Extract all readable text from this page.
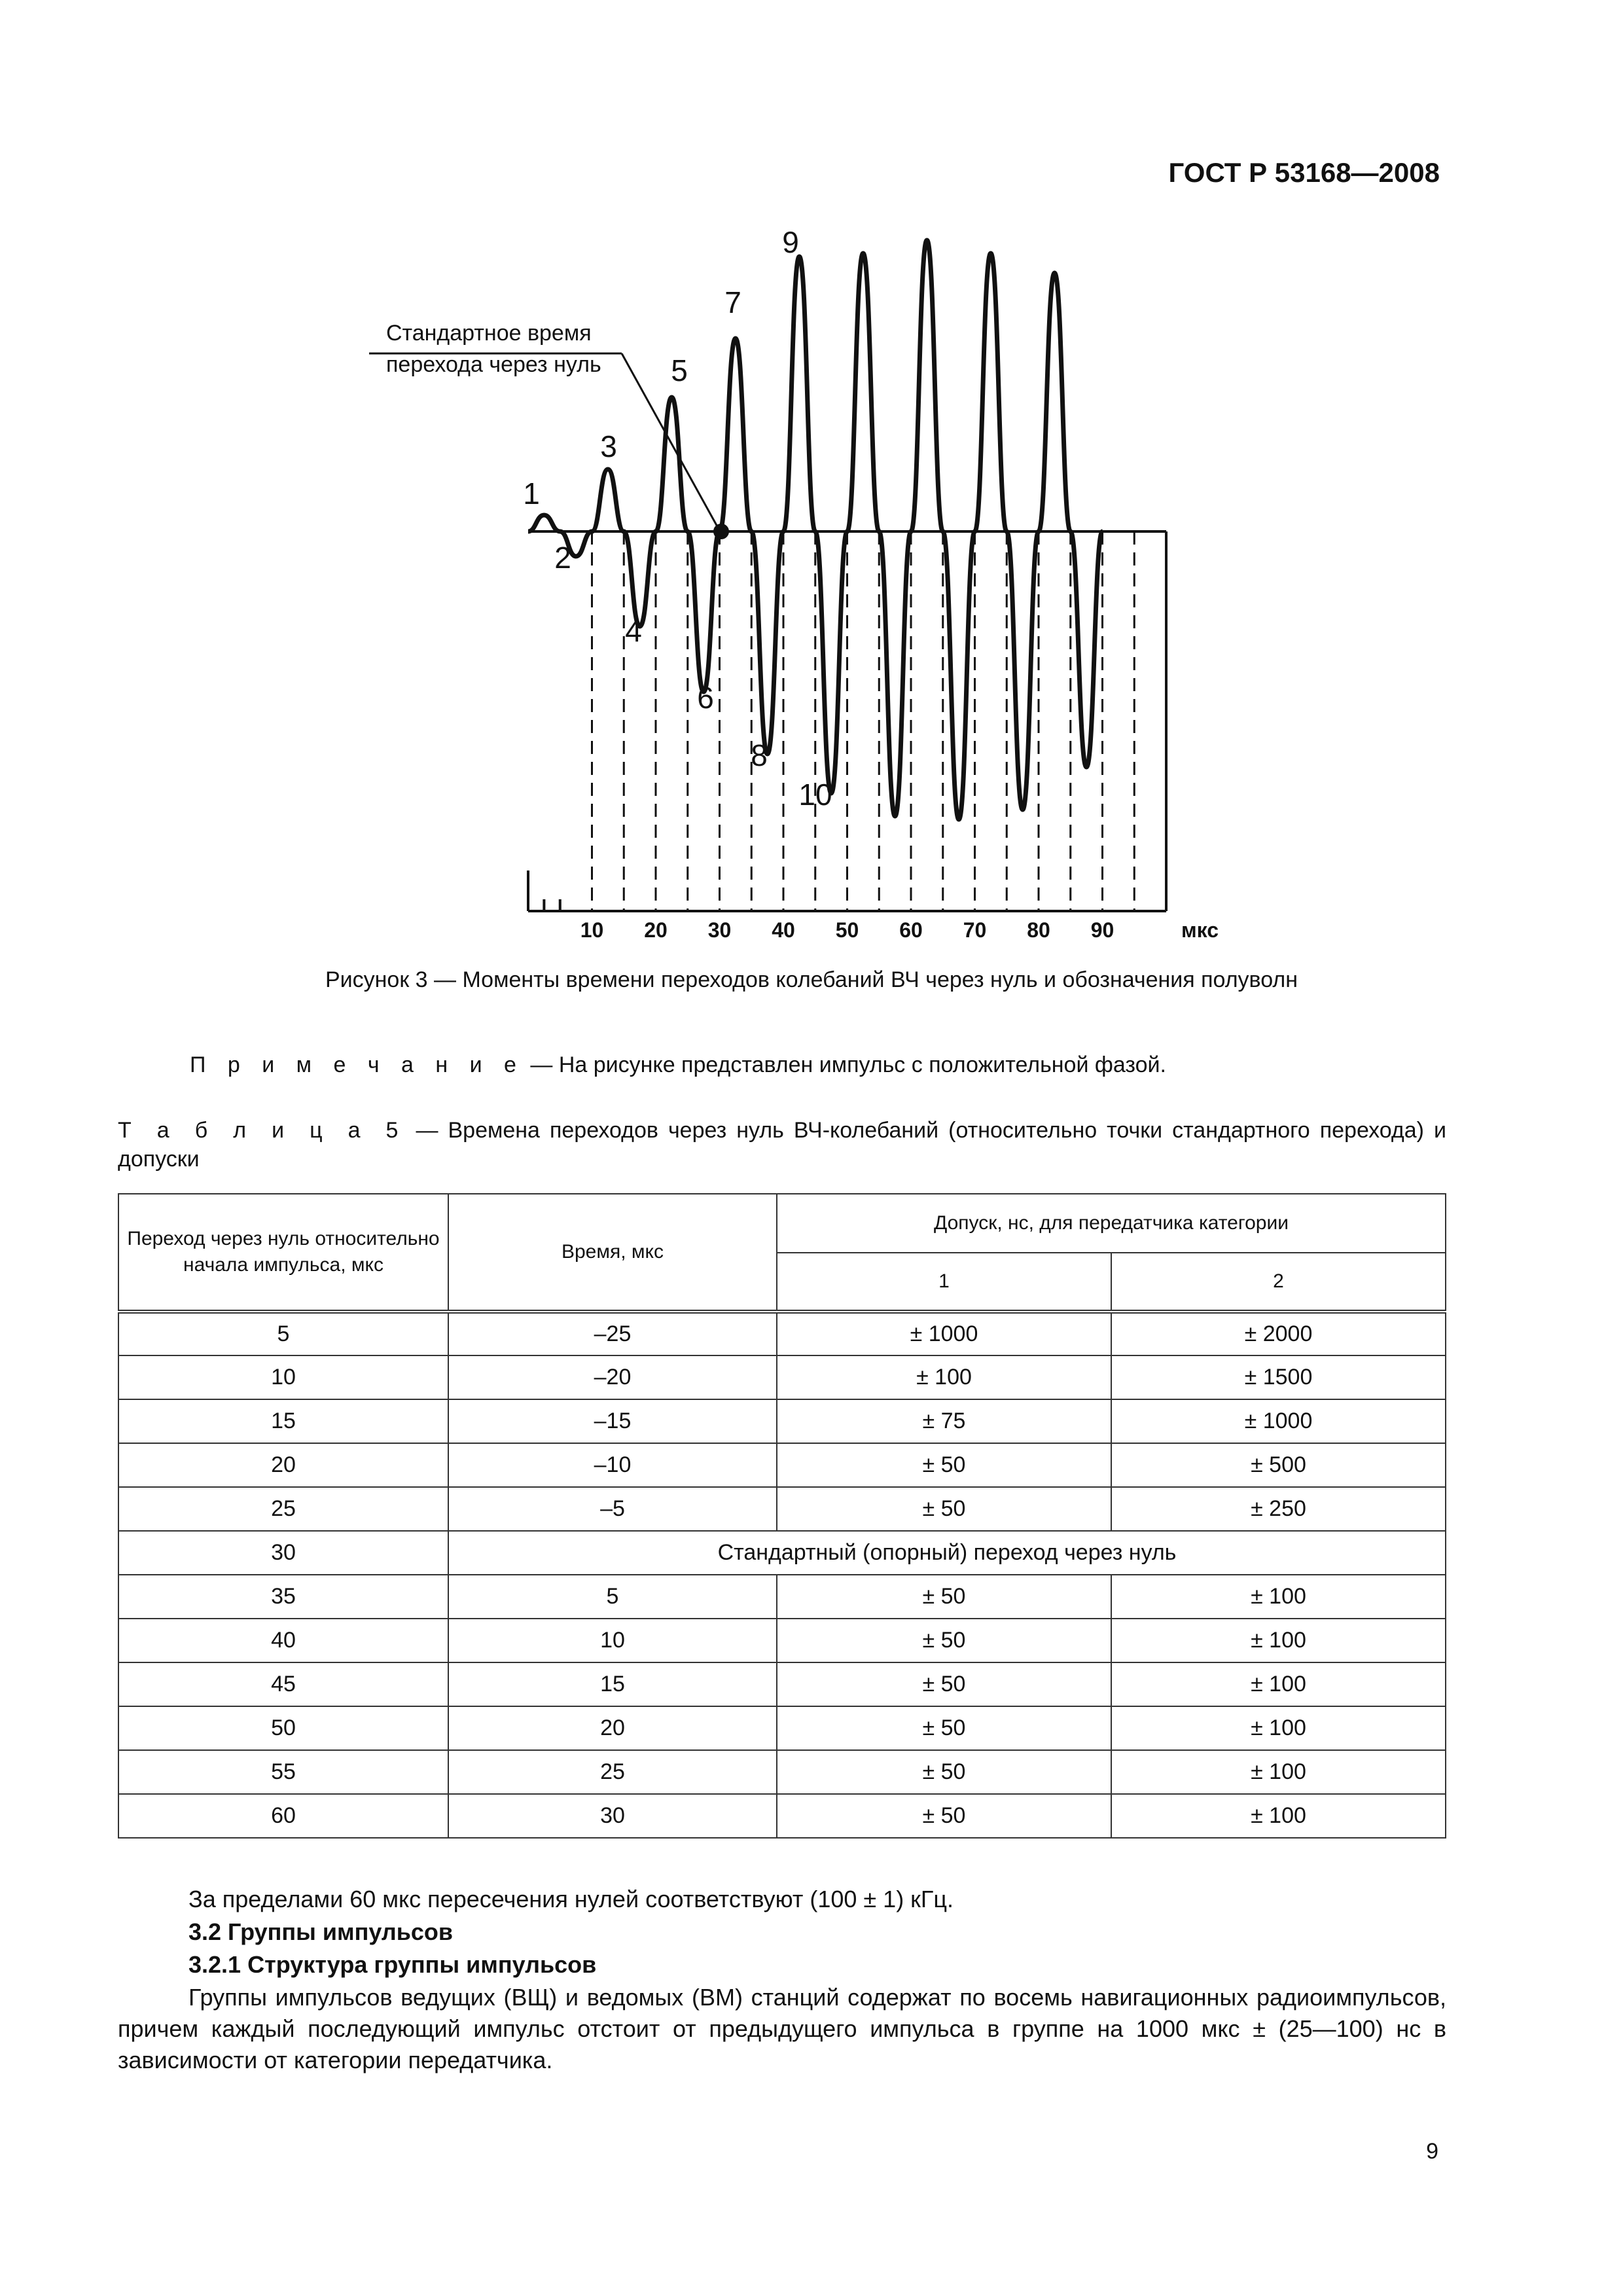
ГОСТ Р 53168—2008
Стандартное время
перехода через нуль
1
2
3
4
5
6
7
8
9
10
10 20 30 40 50 60 70 80 90	мкс
Рисунок 3 — Моменты времени переходов колебаний ВЧ через нуль и обозначения полуволн
П р и м е ч а н и е — На рисунке представлен импульс с положительной фазой.
Т а б л и ц а 5 — Времена переходов через нуль ВЧ-колебаний (относительно точки стандартного перехода) и допуски
Переход через нуль относительно начала импульса, мкс	Время, мкс	Допуск, нс, для передатчика категории	
		1	2
5	–25	± 1000	± 2000
10	–20	± 100	± 1500
15	–15	± 75	± 1000
20	–10	± 50	± 500
25	–5	± 50	± 250
30	Стандартный (опорный) переход через нуль		
35	5	± 50	± 100
40	10	± 50	± 100
45	15	± 50	± 100
50	20	± 50	± 100
55	25	± 50	± 100
60	30	± 50	± 100
За пределами 60 мкс пересечения нулей соответствуют (100 ± 1) кГц.
3.2 Группы импульсов
3.2.1 Структура группы импульсов
Группы импульсов ведущих (ВЩ) и ведомых (ВМ) станций содержат по восемь навигационных радиоимпульсов, причем каждый последующий импульс отстоит от предыдущего импульса в группе на 1000 мкс ± (25—100) нс в зависимости от категории передатчика.
9
